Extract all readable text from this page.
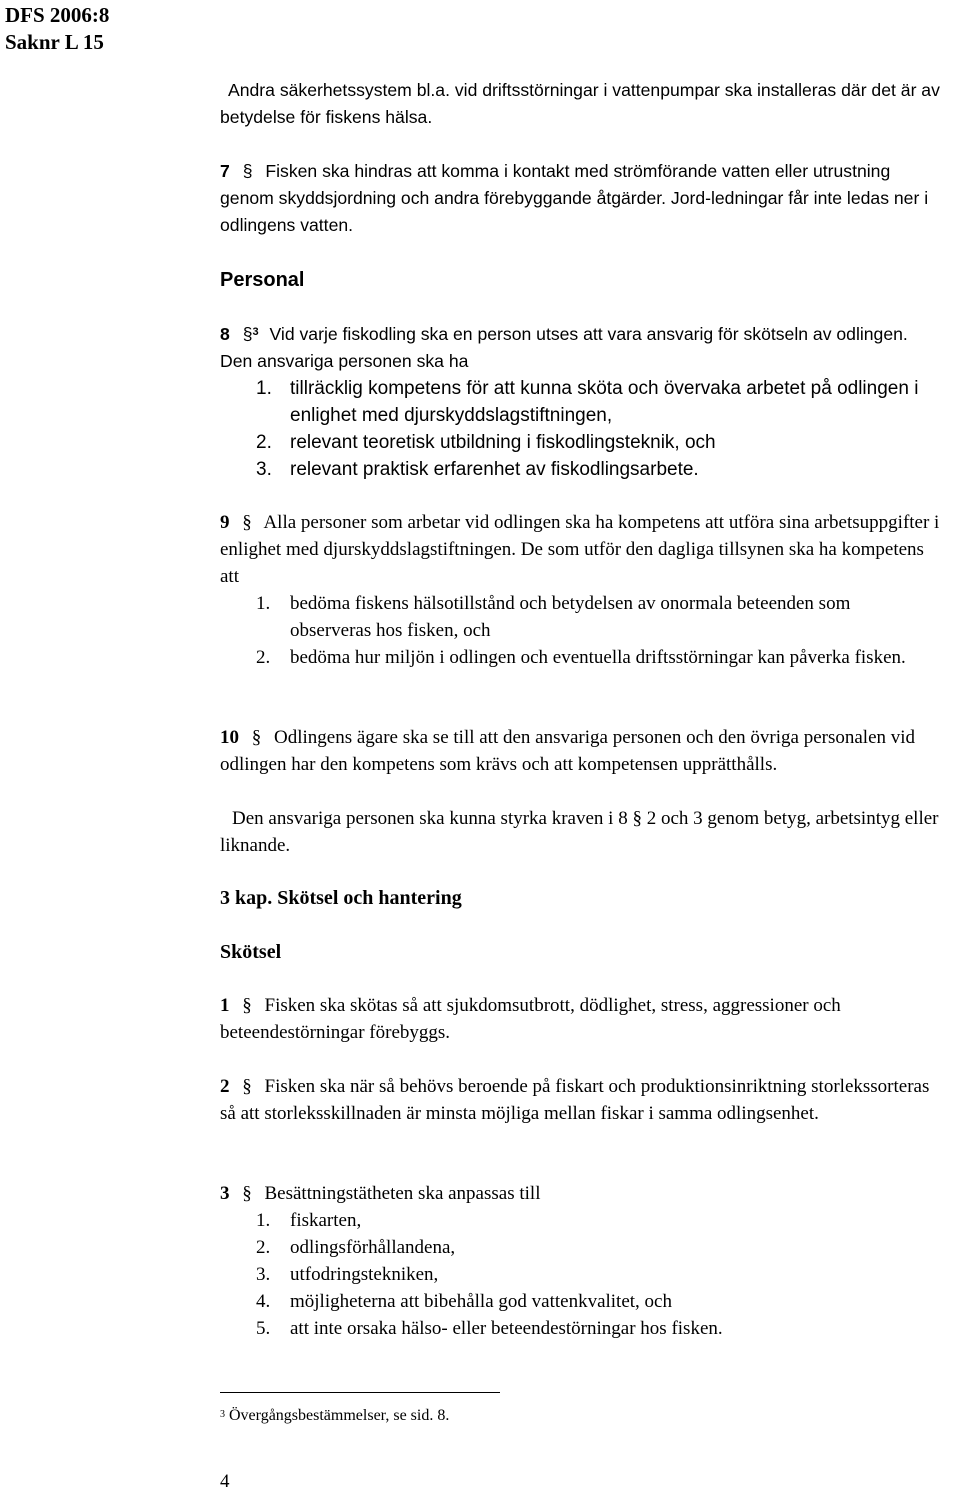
DFS 2006:8
Saknr L 15
Andra säkerhetssystem bl.a. vid driftsstörningar i vattenpumpar ska installeras där det är av betydelse för fiskens hälsa.
7 § Fisken ska hindras att komma i kontakt med strömförande vatten eller utrustning genom skyddsjordning och andra förebyggande åtgärder. Jord-ledningar får inte ledas ner i odlingens vatten.
Personal
8 §$^3$ Vid varje fiskodling ska en person utses att vara ansvarig för skötseln av odlingen. Den ansvariga personen ska ha
1. tillräcklig kompetens för att kunna sköta och övervaka arbetet på odlingen i enlighet med djurskyddslagstiftningen,
2. relevant teoretisk utbildning i fiskodlingsteknik, och
3. relevant praktisk erfarenhet av fiskodlingsarbete.
9 § Alla personer som arbetar vid odlingen ska ha kompetens att utföra sina arbetsuppgifter i enlighet med djurskyddslagstiftningen. De som utför den dagliga tillsynen ska ha kompetens att
1.	bedöma fiskens hälsotillstånd och betydelsen av onormala beteenden som observeras hos fisken, och
2.	bedöma hur miljön i odlingen och eventuella driftsstörningar kan påverka fisken.
10 § Odlingens ägare ska se till att den ansvariga personen och den övriga personalen vid odlingen har den kompetens som krävs och att kompetensen upprätthålls.
Den ansvariga personen ska kunna styrka kraven i 8 § 2 och 3 genom betyg, arbetsintyg eller liknande.
3 kap. Skötsel och hantering
Skötsel
1 § Fisken ska skötas så att sjukdomsutbrott, dödlighet, stress, aggressioner och beteendestörningar förebyggs.
2 § Fisken ska när så behövs beroende på fiskart och produktionsinriktning storlekssorteras så att storleksskillnaden är minsta möjliga mellan fiskar i samma odlingsenhet.
3 § Besättningstätheten ska anpassas till
1.	fiskarten,
2.	odlingsförhållandena,
3.	utfodringstekniken,
4.	möjligheterna att bibehålla god vattenkvalitet, och
5.	att inte orsaka hälso- eller beteendestörningar hos fisken.
$^3$ Övergångsbestämmelser, se sid. 8.
4
